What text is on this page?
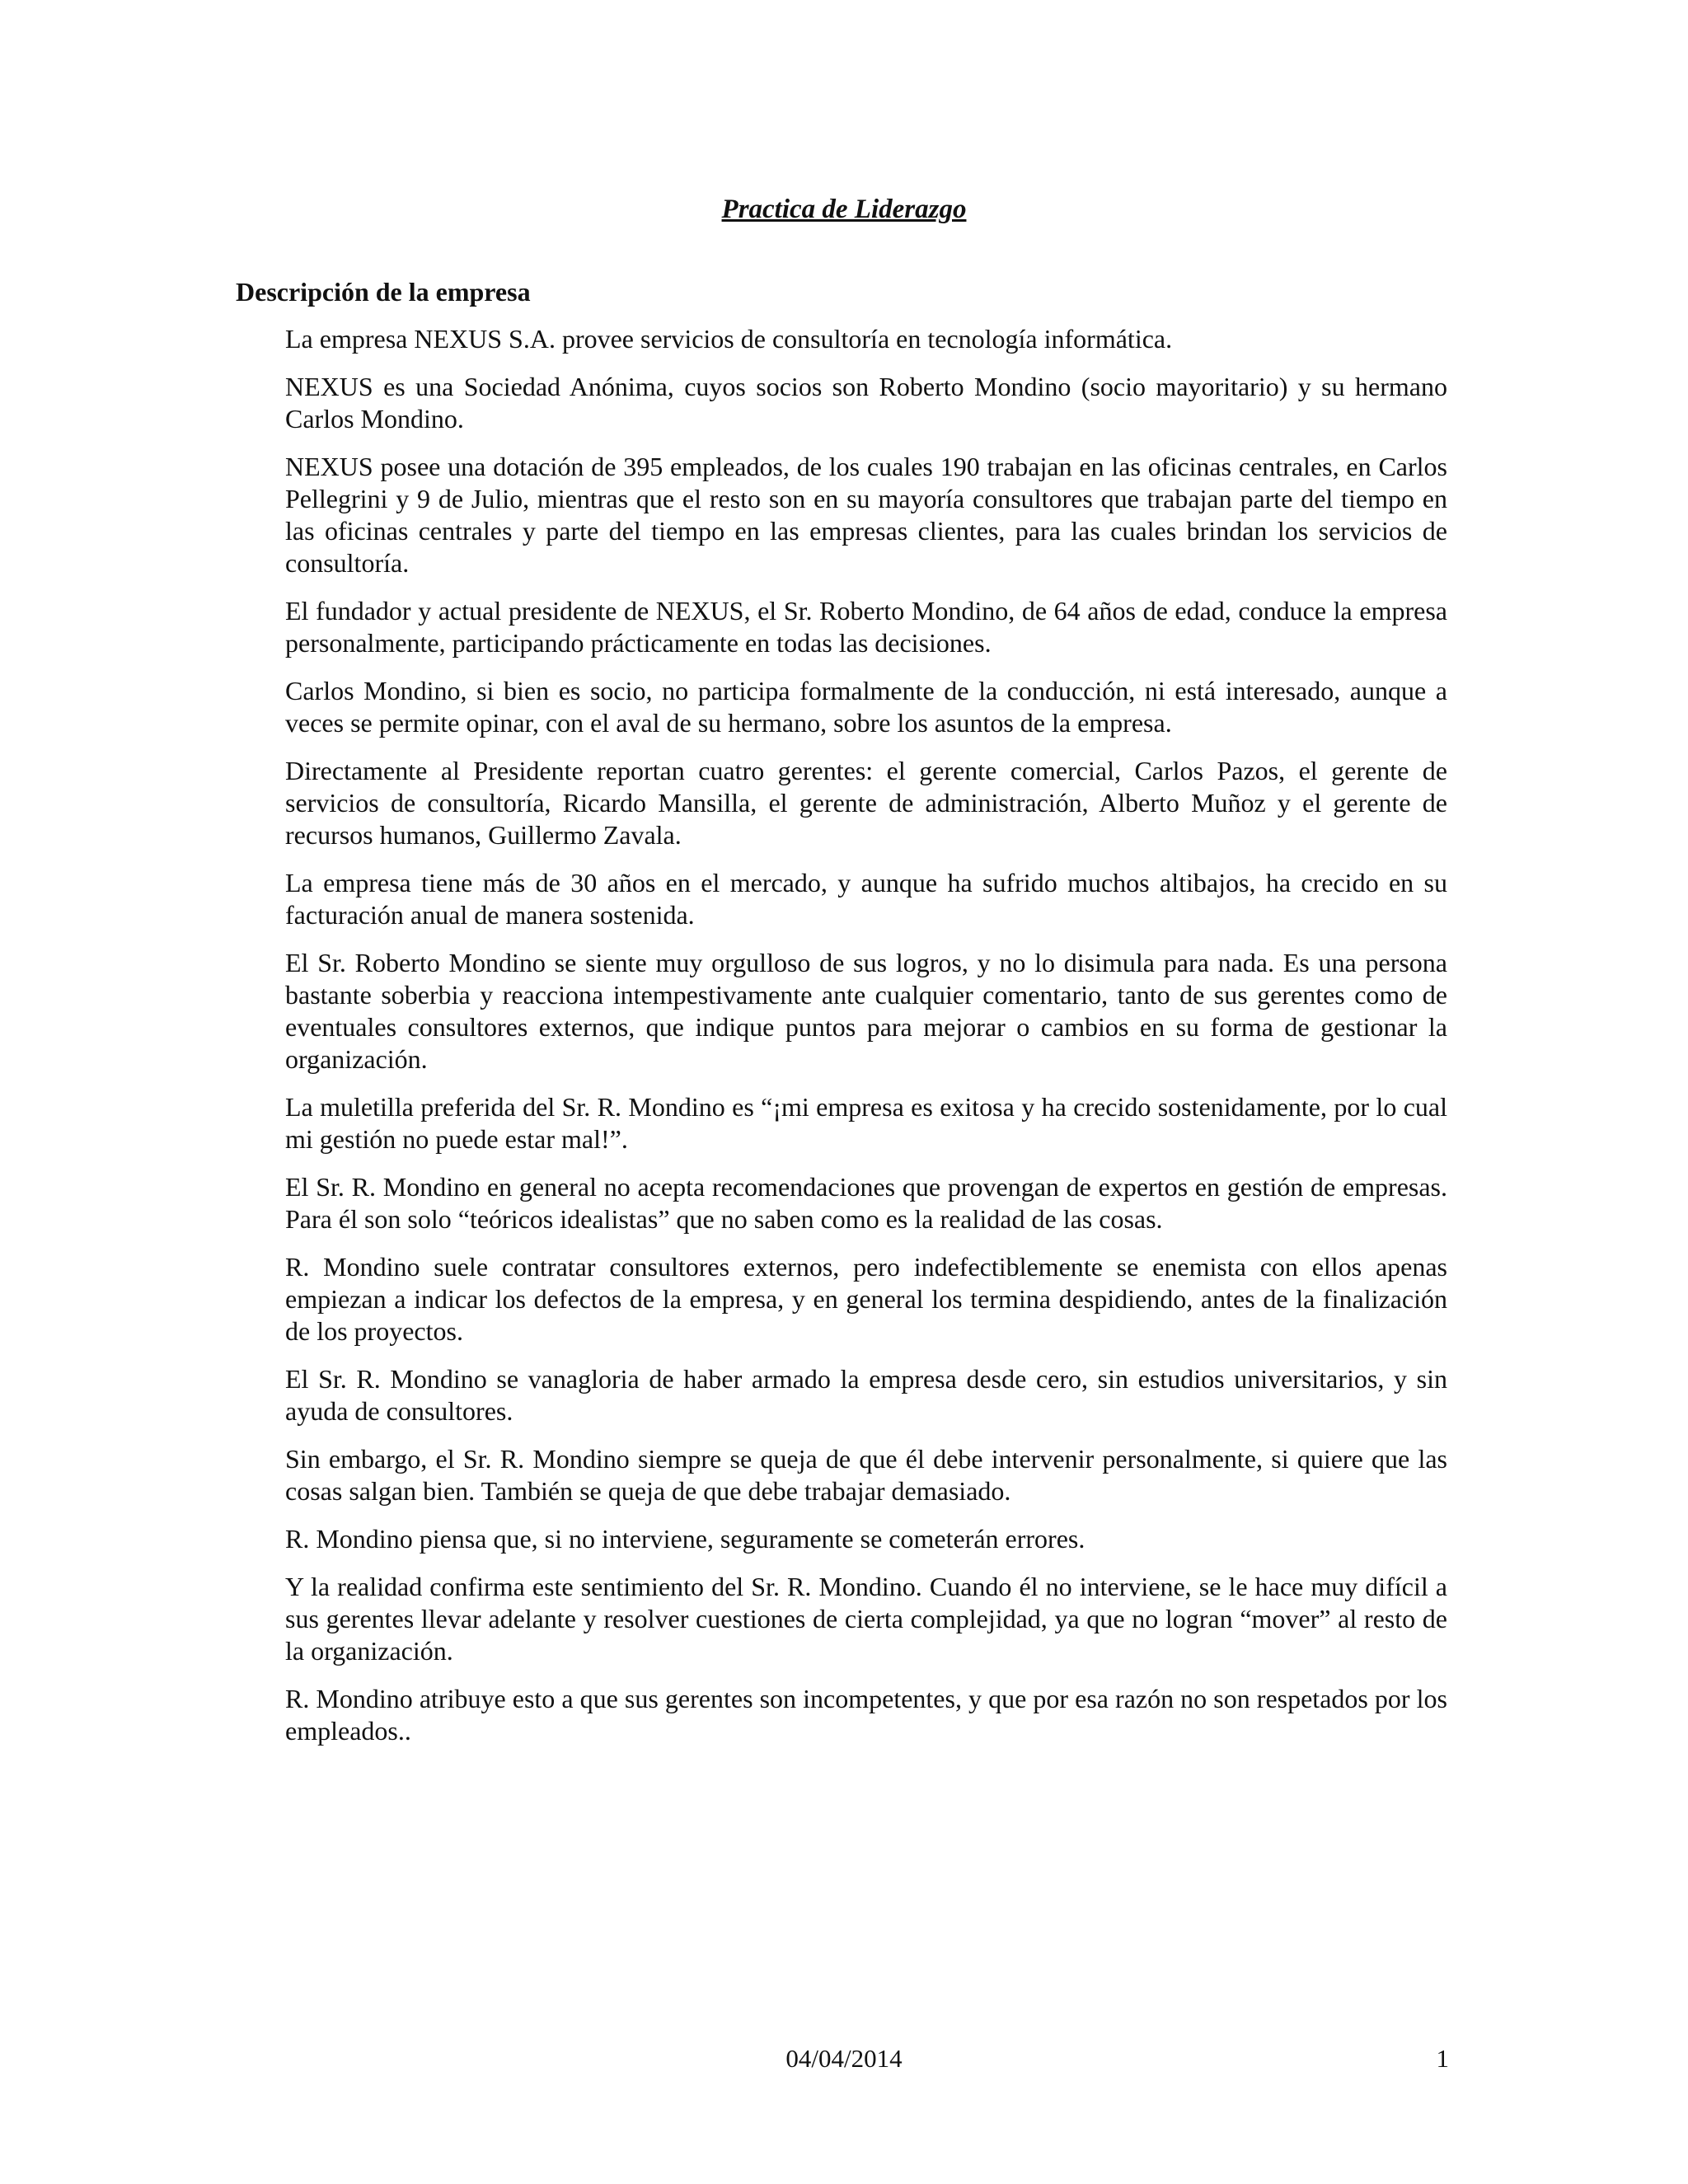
Practica de Liderazgo
Descripción de la empresa

La empresa NEXUS S.A. provee servicios de consultoría en tecnología informática.

NEXUS es una Sociedad Anónima, cuyos socios son Roberto Mondino (socio mayoritario) y su hermano Carlos Mondino.

NEXUS posee una dotación de 395 empleados, de los cuales 190 trabajan en las oficinas centrales, en Carlos Pellegrini y 9 de Julio, mientras que el resto son en su mayoría consultores que trabajan parte del tiempo en las oficinas centrales y parte del tiempo en las empresas clientes, para las cuales brindan los servicios de consultoría.

El fundador y actual presidente de NEXUS, el Sr. Roberto Mondino, de 64 años de edad, conduce la empresa personalmente, participando prácticamente en todas las decisiones.

Carlos Mondino, si bien es socio, no participa formalmente de la conducción, ni está interesado, aunque a veces se permite opinar, con el aval de su hermano, sobre los asuntos de la empresa.

Directamente al Presidente reportan cuatro gerentes: el gerente comercial, Carlos Pazos, el gerente de servicios de consultoría, Ricardo Mansilla, el gerente de administración, Alberto Muñoz y el gerente de recursos humanos, Guillermo Zavala.

La empresa tiene más de 30 años en el mercado, y aunque ha sufrido muchos altibajos, ha crecido en su facturación anual de manera sostenida.

El Sr. Roberto Mondino se siente muy orgulloso de sus logros, y no lo disimula para nada. Es una persona bastante soberbia y reacciona intempestivamente ante cualquier comentario, tanto de sus gerentes como de eventuales consultores externos, que indique puntos para mejorar o cambios en su forma de gestionar la organización.

La muletilla preferida del Sr. R. Mondino es “¡mi empresa es exitosa y ha crecido sostenidamente, por lo cual mi gestión no puede estar mal!”.

El Sr. R. Mondino en general no acepta recomendaciones que provengan de expertos en gestión de empresas. Para él son solo “teóricos idealistas” que no saben como es la realidad de las cosas.

R. Mondino suele contratar consultores externos, pero indefectiblemente se enemista con ellos apenas empiezan a indicar los defectos de la empresa, y en general los termina despidiendo, antes de la finalización de los proyectos.

El Sr. R. Mondino se vanagloria de haber armado la empresa desde cero, sin estudios universitarios, y sin ayuda de consultores.

Sin embargo, el Sr. R. Mondino siempre se queja de que él debe intervenir personalmente, si quiere que las cosas salgan bien. También se queja de que debe trabajar demasiado.

R. Mondino piensa que, si no interviene, seguramente se cometerán errores.

Y la realidad confirma este sentimiento del Sr. R. Mondino. Cuando él no interviene, se le hace muy difícil a sus gerentes llevar adelante y resolver cuestiones de cierta complejidad, ya que no logran “mover” al resto de la organización.

R. Mondino atribuye esto a que sus gerentes son incompetentes, y que por esa razón no son respetados por los empleados..

04/04/2014	1
